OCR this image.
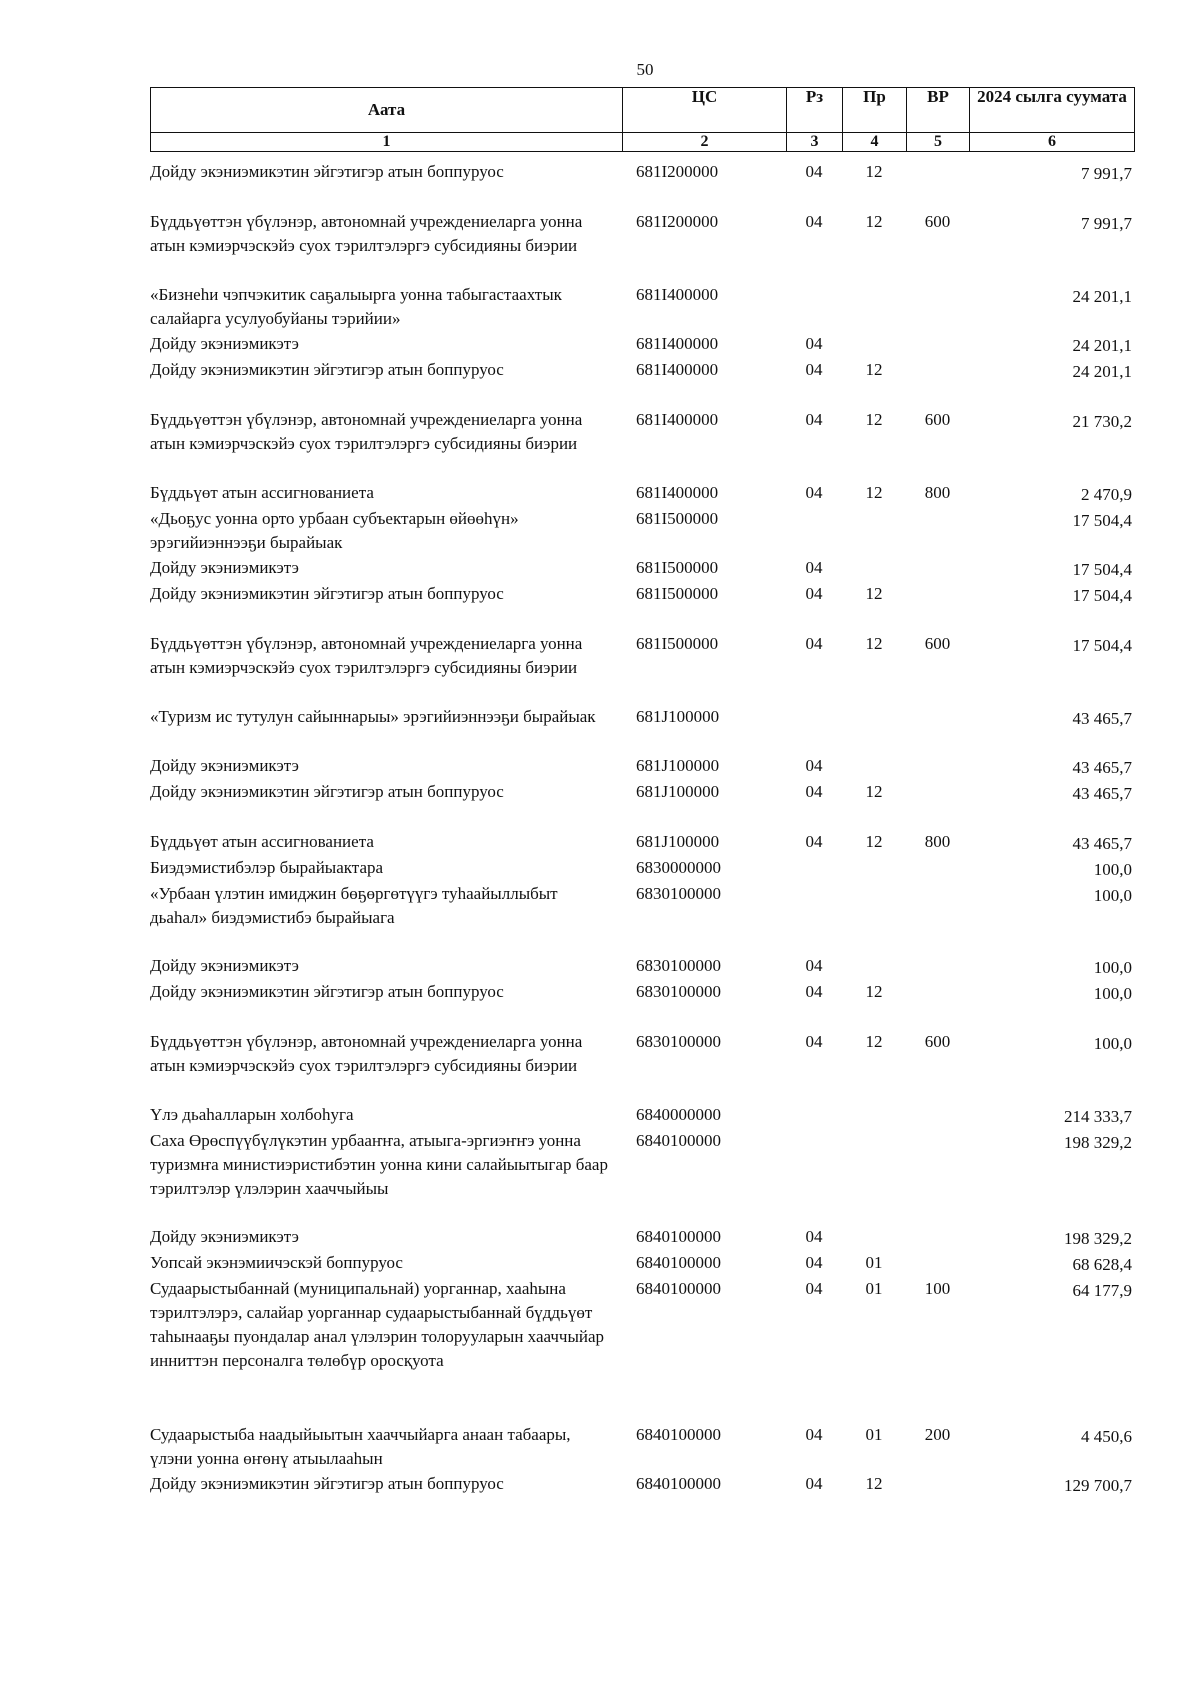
50
Аата	ЦС	Рз	Пр	ВР	2024 сылга суумата
1	2	3	4	5	6
Дойду экэниэмикэтин эйгэтигэр атын боппуруос	681I200000	04	12		7 991,7
Бүддьүөттэн үбүлэнэр, автономнай учреждениеларга уонна атын кэмиэрчэскэйэ суох тэрилтэлэргэ субсидияны биэрии	681I200000	04	12	600	7 991,7
«Бизнеһи чэпчэкитик саҕалыырга уонна табыгастаахтык салайарга усулуобуйаны тэрийии»	681I400000				24 201,1
Дойду экэниэмикэтэ	681I400000	04			24 201,1
Дойду экэниэмикэтин эйгэтигэр атын боппуруос	681I400000	04	12		24 201,1
Бүддьүөттэн үбүлэнэр, автономнай учреждениеларга уонна атын кэмиэрчэскэйэ суох тэрилтэлэргэ субсидияны биэрии	681I400000	04	12	600	21 730,2
Бүддьүөт атын ассигнованиета	681I400000	04	12	800	2 470,9
«Дьоҕус уонна орто урбаан субъектарын өйөөһүн» эрэгийиэннээҕи бырайыак	681I500000				17 504,4
Дойду экэниэмикэтэ	681I500000	04			17 504,4
Дойду экэниэмикэтин эйгэтигэр атын боппуруос	681I500000	04	12		17 504,4
Бүддьүөттэн үбүлэнэр, автономнай учреждениеларга уонна атын кэмиэрчэскэйэ суох тэрилтэлэргэ субсидияны биэрии	681I500000	04	12	600	17 504,4
«Туризм ис тутулун сайыннарыы» эрэгийиэннээҕи бырайыак	681J100000				43 465,7
Дойду экэниэмикэтэ	681J100000	04			43 465,7
Дойду экэниэмикэтин эйгэтигэр атын боппуруос	681J100000	04	12		43 465,7
Бүддьүөт атын ассигнованиета	681J100000	04	12	800	43 465,7
Биэдэмистибэлэр бырайыактара	6830000000				100,0
«Урбаан үлэтин имиджин бөҕөргөтүүгэ туһаайыллыбыт дьаһал» биэдэмистибэ бырайыага	6830100000				100,0
Дойду экэниэмикэтэ	6830100000	04			100,0
Дойду экэниэмикэтин эйгэтигэр атын боппуруос	6830100000	04	12		100,0
Бүддьүөттэн үбүлэнэр, автономнай учреждениеларга уонна атын кэмиэрчэскэйэ суох тэрилтэлэргэ субсидияны биэрии	6830100000	04	12	600	100,0
Үлэ дьаһалларын холбоһуга	6840000000				214 333,7
Саха Өрөспүүбүлүкэтин урбааҥҥа, атыыга-эргиэҥҥэ уонна туризмҥа министиэристибэтин уонна кини салайыытыгар баар тэрилтэлэр үлэлэрин хааччыйыы	6840100000				198 329,2
Дойду экэниэмикэтэ	6840100000	04			198 329,2
Уопсай экэнэмиичэскэй боппуруос	6840100000	04	01		68 628,4
Судаарыстыбаннай (муниципальнай) уорганнар, хааһына тэрилтэлэрэ, салайар уорганнар судаарыстыбаннай бүддьүөт таһынааҕы пуондалар анал үлэлэрин толорууларын хааччыйар инниттэн персоналга төлөбүр оросқуота	6840100000	04	01	100	64 177,9
Судаарыстыба наадыйыытын хааччыйарга анаан табаары, үлэни уонна өҥөнү атыылааһын	6840100000	04	01	200	4 450,6
Дойду экэниэмикэтин эйгэтигэр атын боппуруос	6840100000	04	12		129 700,7
